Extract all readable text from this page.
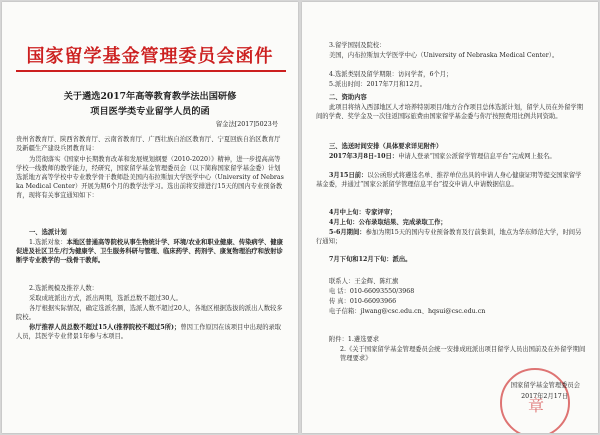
国家留学基金管理委员会函件
关于遴选2017年高等教育教学法出国研修
项目医学类专业留学人员的函
留金法[2017]5023号

贵州省教育厅、陕西省教育厅、云南省教育厅、广西壮族自治区教育厅、宁夏回族自治区教育厅及新疆生产建设兵团教育局：

为贯彻落实《国家中长期教育改革和发展规划纲要（2010-2020）》精神，进一步提高高等学校一线教师的教学能力，经研究，国家留学基金管理委员会（以下简称国家留学基金委）计划选派地方高等学校中专业教学骨干教师赴美国内布拉斯加大学医学中心（University of Nebraska Medical Center）开展为期6个月的教学法学习。选出前将安排进行15天的国内专业预备教育，现将有关事宜通知如下：

一、选派计划

1.选派对象：本地区普通高等院校从事生物统计学、环境/农业和职业健康、传染病学、健康促进及社区卫生/行为健康学、卫生服务科研与管理、临床药学、药剂学、康复物理治疗和放射诊断学专业教学的一线骨干教师。

2.选派规模及推荐人数：

采取成班派出方式，派出两期，选派总数不超过30人。

各厅根据实际情况，确定选派名额，选派人数不超过20人，各地区根据选拔的派出人数较多院校。

你厅推荐人员总数不超过15人(推荐院校不超过5所)；曾因工作原因在该项目中出现的录取人员，其医学专业背景1年参与本项目。

3.留学国别及院校：

美国，内布拉斯加大学医学中心（University of Nebraska Medical Center）。

4.选派类别及留学期限：访问学者，6个月；

5.派出时间：2017年7月和12月。

二、资助内容

此项目将纳入西部地区人才培养特别项目/地方合作项目总体选派计划，留学人员在外留学期间的学费、奖学金及一次往返国际旅费由国家留学基金委与你厅按照费用比例共同资助。

三、选送时间安排（具体要求详见附件）

2017年3月8日-10日：申请人登录“国家公派留学管理信息平台”完成网上报名。

3月15日前：以公函形式将遴选名单、推荐单位出具的申请人身心健康证明等提交国家留学基金委，并通过“国家公派留学管理信息平台”提交申请人申请数据信息。

4月中上旬：专家评审；

4月上旬：公布录取结果、完成录取工作；

5-6月期间：参加为期15天的国内专业预备教育及行前集训，地点为华东师范大学，时间另行通知；

7月下旬和12月下旬：派出。

联系人：王金辉、陈红旗

电 话：010-66093550/3968

传 真：010-66093966

电子信箱：jlwang@csc.edu.cn、hqsui@csc.edu.cn

附件：1.遴选要求

2.《关于国家留学基金管理委员会统一安排成班派出项目留学人员出国前及在外留学期间管理要求》

章
国家留学基金管理委员会
2017年2月17日
